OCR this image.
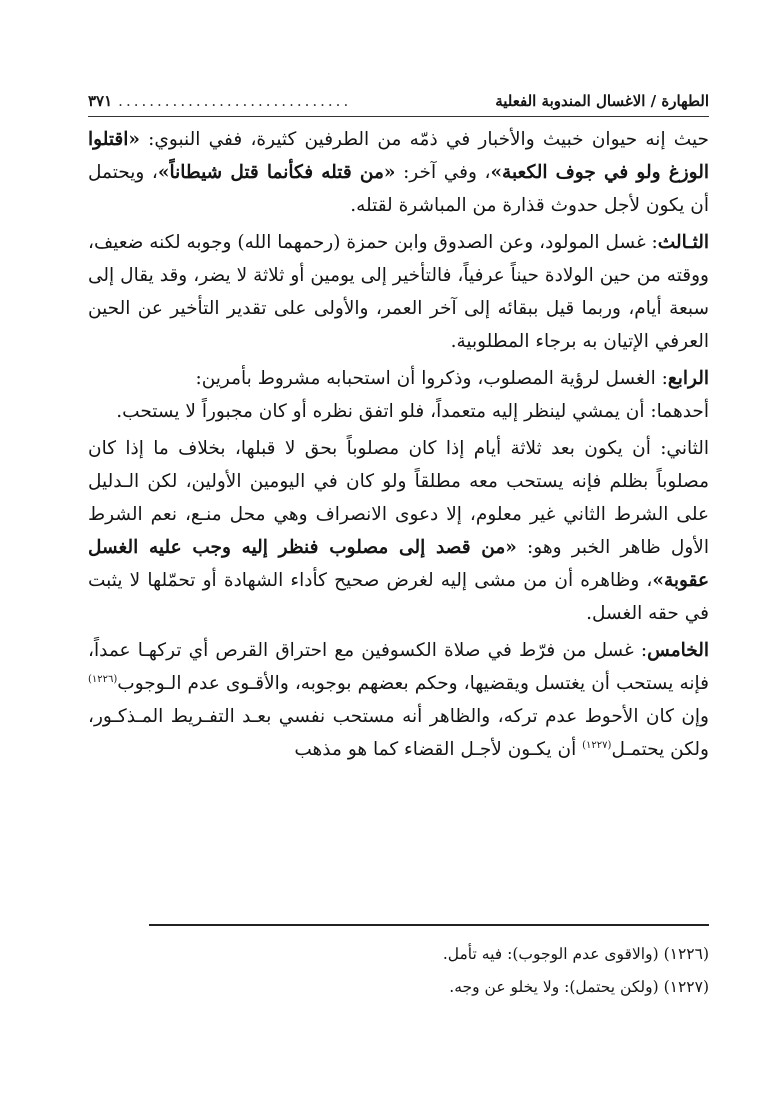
الطهارة / الاغسال المندوبة الفعلية
..............................
٣٧١

حيث إنه حيوان خبيث والأخبار في ذمّه من الطرفين كثيرة، ففي النبوي: «اقتلوا الوزغ ولو في جوف الكعبة»، وفي آخر: «من قتله فكأنما قتل شيطاناً»، ويحتمل أن يكون لأجل حدوث قذارة من المباشرة لقتله.

الثـالث: غسل المولود، وعن الصدوق وابن حمزة (رحمهما الله) وجوبه لكنه ضعيف، ووقته من حين الولادة حيناً عرفياً، فالتأخير إلى يومين أو ثلاثة لا يضر، وقد يقال إلى سبعة أيام، وربما قيل ببقائه إلى آخر العمر، والأولى على تقدير التأخير عن الحين العرفي الإتيان به برجاء المطلوبية.

الرابع: الغسل لرؤية المصلوب، وذكروا أن استحبابه مشروط بأمرين:

أحدهما: أن يمشي لينظر إليه متعمداً، فلو اتفق نظره أو كان مجبوراً لا يستحب.

الثاني: أن يكون بعد ثلاثة أيام إذا كان مصلوباً بحق لا قبلها، بخلاف ما إذا كان مصلوباً بظلم فإنه يستحب معه مطلقاً ولو كان في اليومين الأولين، لكن الـدليل على الشرط الثاني غير معلوم، إلا دعوى الانصراف وهي محل منـع، نعم الشرط الأول ظاهر الخبر وهو: «من قصد إلى مصلوب فنظر إليه وجب عليه الغسل عقوبة»، وظاهره أن من مشى إليه لغرض صحيح كأداء الشهادة أو تحمّلها لا يثبت في حقه الغسل.

الخامس: غسل من فرّط في صلاة الكسوفين مع احتراق القرص أي تركهـا عمداً، فإنه يستحب أن يغتسل ويقضيها، وحكم بعضهم بوجوبه، والأقـوى عدم الـوجوب$^{(١٢٢٦)}$ وإن كان الأحوط عدم تركه، والظاهر أنه مستحب نفسي بعـد التفـريط المـذكـور، ولكن يحتمـل$^{(١٢٢٧)}$ أن يكـون لأجـل القضاء كما هو مذهب

(١٢٢٦) (والاقوى عدم الوجوب): فيه تأمل.

(١٢٢٧) (ولكن يحتمل): ولا يخلو عن وجه.
